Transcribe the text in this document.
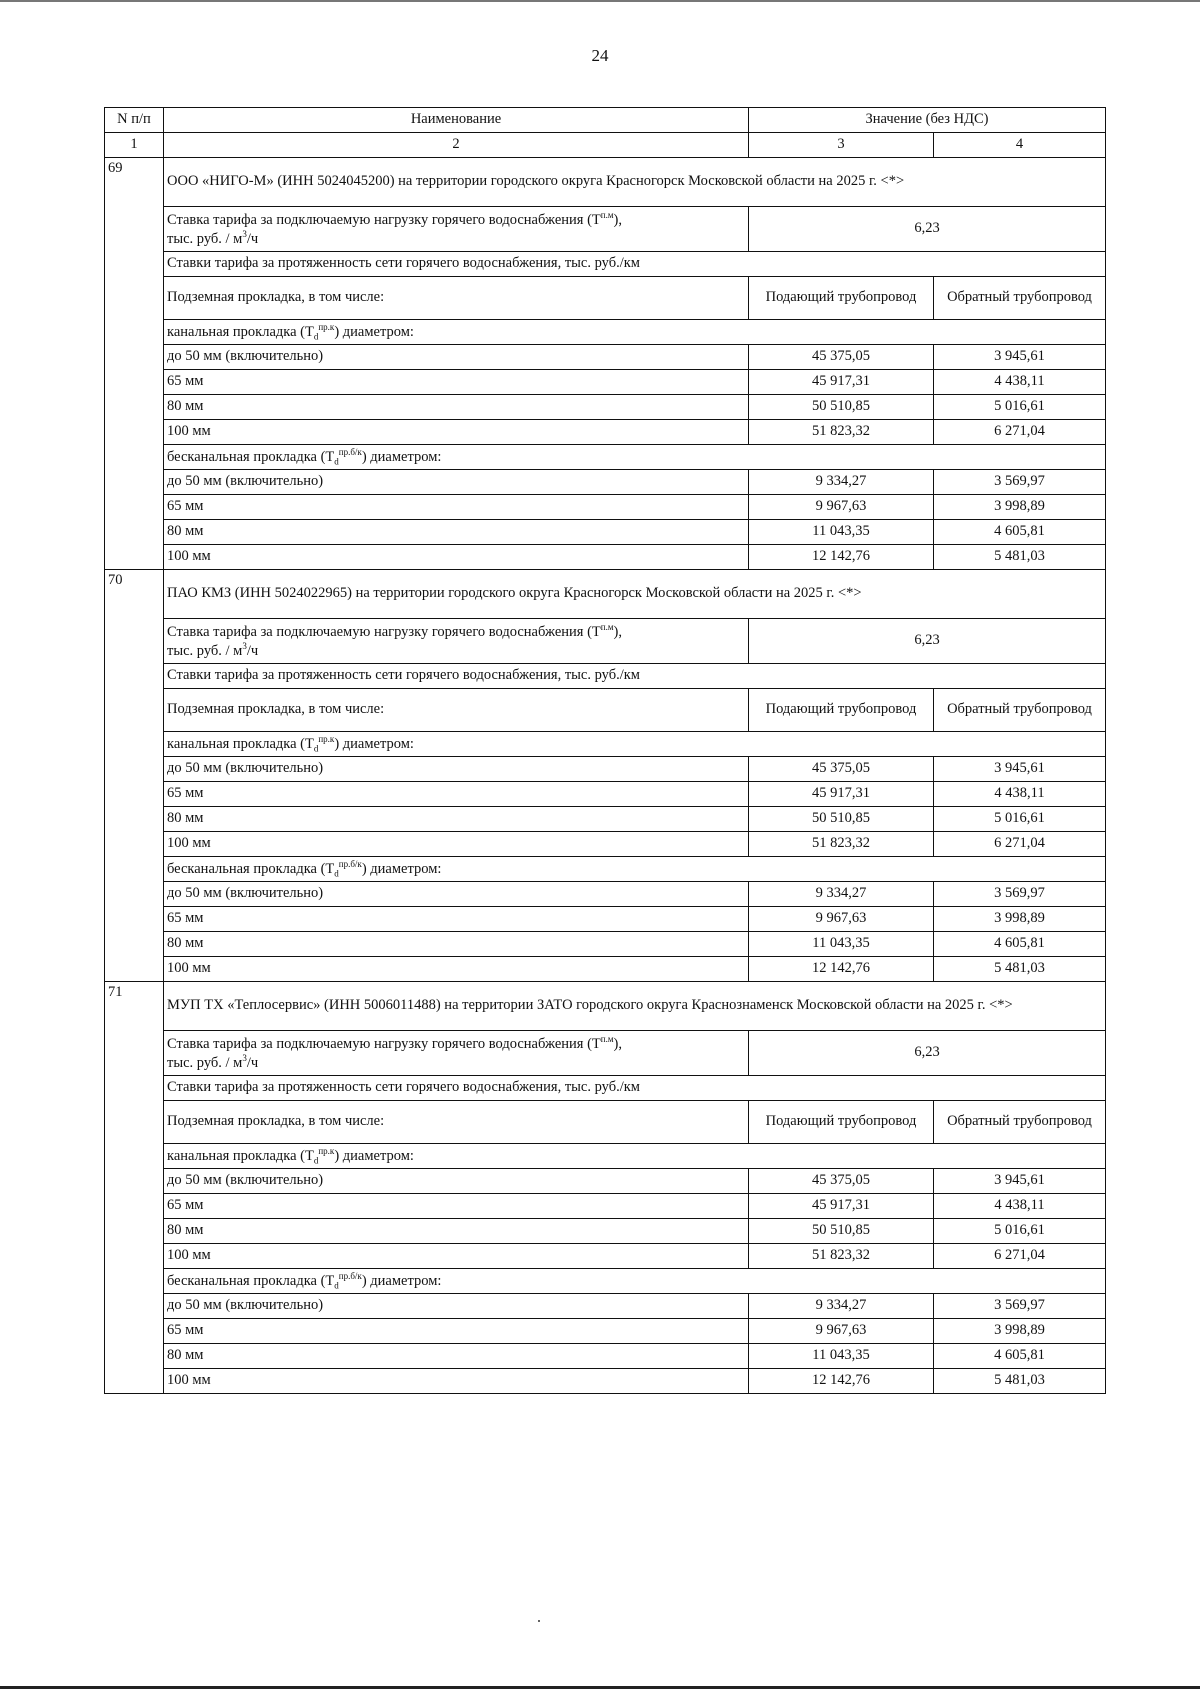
24
N п/п	Наименование	Значение (без НДС)	
1	2	3	4
69	ООО «НИГО-М» (ИНН 5024045200) на территории городского округа Красногорск Московской области на 2025 г. <*>		
	Ставка тарифа за подключаемую нагрузку горячего водоснабжения $(Т^{п.м})$,
тыс. руб. / $м^3/ч$	6,23	
	Ставки тарифа за протяженность сети горячего водоснабжения, тыс. руб./км		
	Подземная прокладка, в том числе:	Подающий трубопровод	Обратный трубопровод
	канальная прокладка $(Т_d^{пр.к})$ диаметром:		
	до 50 мм (включительно)	45 375,05	3 945,61
	65 мм	45 917,31	4 438,11
	80 мм	50 510,85	5 016,61
	100 мм	51 823,32	6 271,04
	бесканальная прокладка $(Т_d^{пр.б/к})$ диаметром:		
	до 50 мм (включительно)	9 334,27	3 569,97
	65 мм	9 967,63	3 998,89
	80 мм	11 043,35	4 605,81
	100 мм	12 142,76	5 481,03
70	ПАО КМЗ (ИНН 5024022965) на территории городского округа Красногорск Московской области на 2025 г. <*>		
	Ставка тарифа за подключаемую нагрузку горячего водоснабжения $(Т^{п.м})$,
тыс. руб. / $м^3/ч$	6,23	
	Ставки тарифа за протяженность сети горячего водоснабжения, тыс. руб./км		
	Подземная прокладка, в том числе:	Подающий трубопровод	Обратный трубопровод
	канальная прокладка $(Т_d^{пр.к})$ диаметром:		
	до 50 мм (включительно)	45 375,05	3 945,61
	65 мм	45 917,31	4 438,11
	80 мм	50 510,85	5 016,61
	100 мм	51 823,32	6 271,04
	бесканальная прокладка $(Т_d^{пр.б/к})$ диаметром:		
	до 50 мм (включительно)	9 334,27	3 569,97
	65 мм	9 967,63	3 998,89
	80 мм	11 043,35	4 605,81
	100 мм	12 142,76	5 481,03
71	МУП ТХ «Теплосервис» (ИНН 5006011488) на территории ЗАТО городского округа Краснознаменск Московской области на 2025 г. <*>		
	Ставка тарифа за подключаемую нагрузку горячего водоснабжения $(Т^{п.м})$,
тыс. руб. / $м^3/ч$	6,23	
	Ставки тарифа за протяженность сети горячего водоснабжения, тыс. руб./км		
	Подземная прокладка, в том числе:	Подающий трубопровод	Обратный трубопровод
	канальная прокладка $(Т_d^{пр.к})$ диаметром:		
	до 50 мм (включительно)	45 375,05	3 945,61
	65 мм	45 917,31	4 438,11
	80 мм	50 510,85	5 016,61
	100 мм	51 823,32	6 271,04
	бесканальная прокладка $(Т_d^{пр.б/к})$ диаметром:		
	до 50 мм (включительно)	9 334,27	3 569,97
	65 мм	9 967,63	3 998,89
	80 мм	11 043,35	4 605,81
	100 мм	12 142,76	5 481,03
